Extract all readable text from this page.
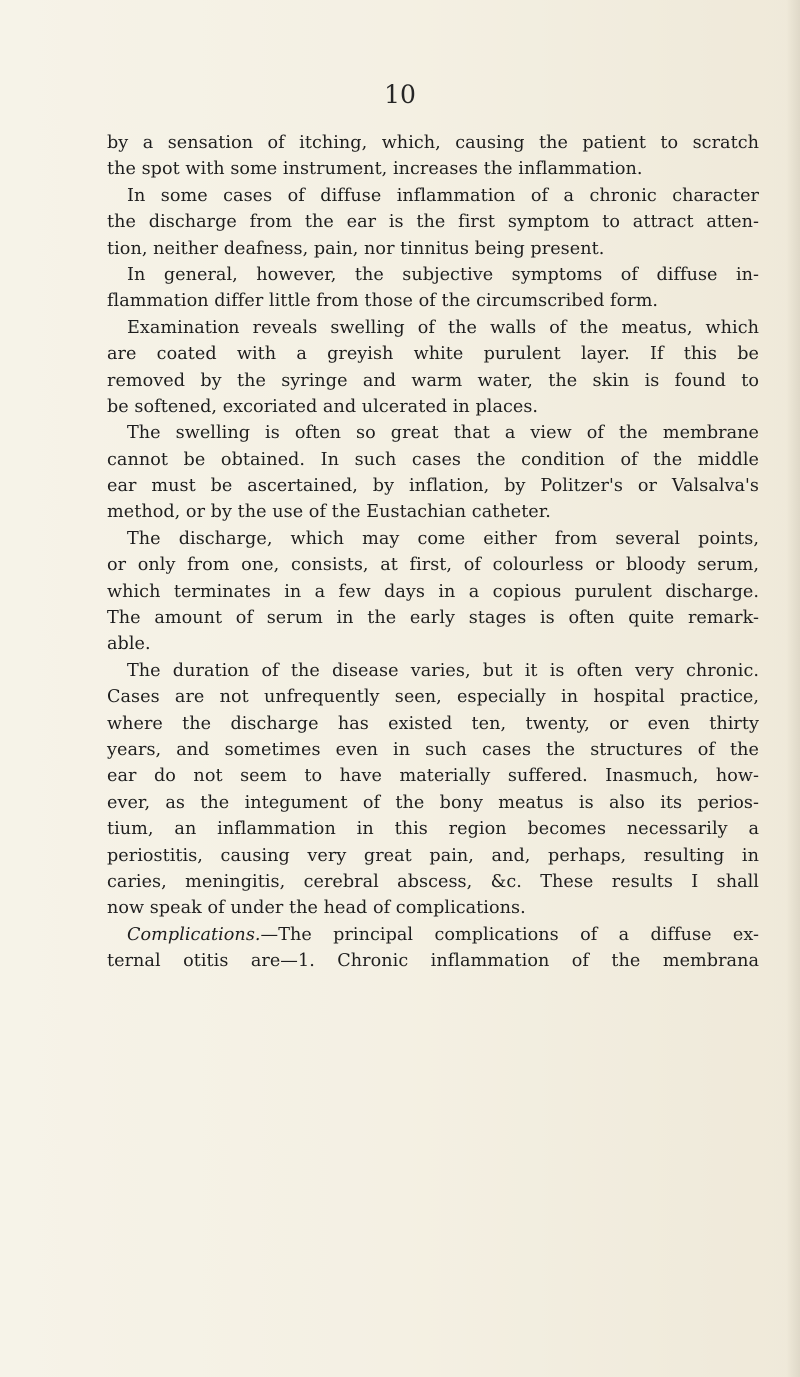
10
by a sensation of itching, which, causing the patient to scratch
the spot with some instrument, increases the inflammation.
In some cases of diffuse inflammation of a chronic character
the discharge from the ear is the first symptom to attract atten-
tion, neither deafness, pain, nor tinnitus being present.
In general, however, the subjective symptoms of diffuse in-
flammation differ little from those of the circumscribed form.
Examination reveals swelling of the walls of the meatus, which
are coated with a greyish white purulent layer. If this be
removed by the syringe and warm water, the skin is found to
be softened, excoriated and ulcerated in places.
The swelling is often so great that a view of the membrane
cannot be obtained. In such cases the condition of the middle
ear must be ascertained, by inflation, by Politzer's or Valsalva's
method, or by the use of the Eustachian catheter.
The discharge, which may come either from several points,
or only from one, consists, at first, of colourless or bloody serum,
which terminates in a few days in a copious purulent discharge.
The amount of serum in the early stages is often quite remark-
able.
The duration of the disease varies, but it is often very chronic.
Cases are not unfrequently seen, especially in hospital practice,
where the discharge has existed ten, twenty, or even thirty
years, and sometimes even in such cases the structures of the
ear do not seem to have materially suffered. Inasmuch, how-
ever, as the integument of the bony meatus is also its perios-
tium, an inflammation in this region becomes necessarily a
periostitis, causing very great pain, and, perhaps, resulting in
caries, meningitis, cerebral abscess, &c. These results I shall
now speak of under the head of complications.
Complications.—The principal complications of a diffuse ex-
ternal otitis are—1. Chronic inflammation of the membrana
